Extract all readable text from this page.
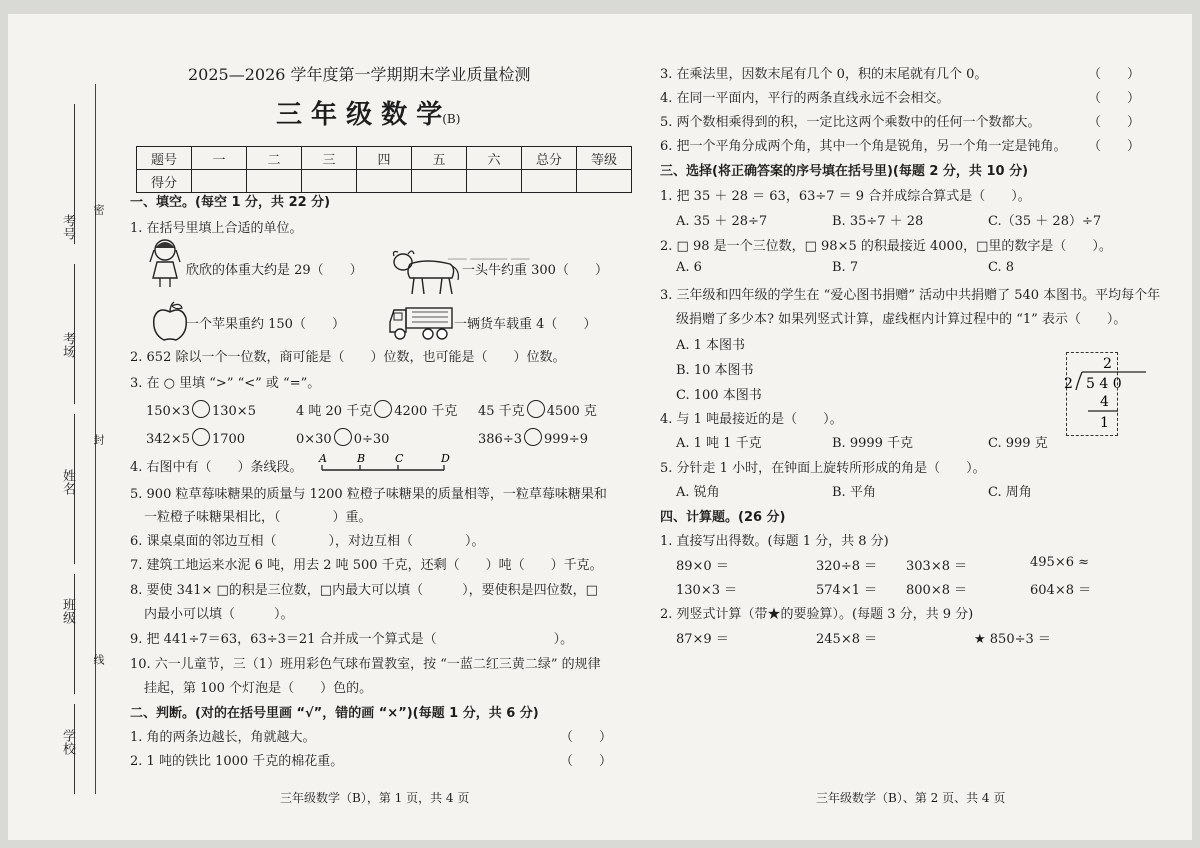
考号
密
考场
姓名
封
班级
线
学校
▁▁ ▁▁▁▁ ▁▁
2025—2026 学年度第一学期期末学业质量检测
三 年 级 数 学(B)
题号	一	二	三	四	五	六	总分	等级
得分								
一、填空。(每空 1 分，共 22 分)
1. 在括号里填上合适的单位。
欣欣的体重大约是 29（　　）	一头牛约重 300（　　）
一个苹果重约 150（　　）	一辆货车载重 4（　　）
2. 652 除以一个一位数，商可能是（　　）位数，也可能是（　　）位数。
3. 在 ○ 里填 “>” “<” 或 “=”。
150×3 130×5	4 吨 20 千克 4200 千克 45 千克 4500 克
342×5 1700	0×30 0÷30	386÷3 999÷9
4. 右图中有（　　）条线段。
A	B	C	D
5. 900 粒草莓味糖果的质量与 1200 粒橙子味糖果的质量相等，一粒草莓味糖果和
一粒橙子味糖果相比，（　　　　）重。
6. 课桌桌面的邻边互相（　　　　），对边互相（　　　　）。
7. 建筑工地运来水泥 6 吨，用去 2 吨 500 千克，还剩（　　）吨（　　）千克。
8. 要使 341× □的积是三位数，□内最大可以填（　　　），要使积是四位数，□
内最小可以填（　　　）。
9. 把 441÷7＝63，63÷3＝21 合并成一个算式是（　　　　　　　　　）。
10. 六一儿童节，三（1）班用彩色气球布置教室，按 “一蓝二红三黄二绿” 的规律
挂起，第 100 个灯泡是（　　）色的。
二、判断。(对的在括号里画 “√”，错的画 “×”)(每题 1 分，共 6 分)
1. 角的两条边越长，角就越大。	（　　）
2. 1 吨的铁比 1000 千克的棉花重。	（　　）
三年级数学（B），第 1 页，共 4 页
3. 在乘法里，因数末尾有几个 0，积的末尾就有几个 0。	（　　）
4. 在同一平面内，平行的两条直线永远不会相交。	（　　）
5. 两个数相乘得到的积，一定比这两个乘数中的任何一个数都大。	（　　）
6. 把一个平角分成两个角，其中一个角是锐角，另一个角一定是钝角。 （　　）
三、选择(将正确答案的序号填在括号里)(每题 2 分，共 10 分)
1. 把 35 ＋ 28 ＝ 63，63÷7 ＝ 9 合并成综合算式是（　　）。
A. 35 ＋ 28÷7	B. 35÷7 ＋ 28	C.（35 ＋ 28）÷7
2. □ 98 是一个三位数，□ 98×5 的积最接近 4000，□里的数字是（　　）。
A. 6	B. 7	C. 8
3. 三年级和四年级的学生在 “爱心图书捐赠” 活动中共捐赠了 540 本图书。平均每个年
级捐赠了多少本? 如果列竖式计算，虚线框内计算过程中的 “1” 表示（　　）。
A. 1 本图书
B. 10 本图书
C. 100 本图书
2
2 5 4 0
4
1
4. 与 1 吨最接近的是（　　）。
A. 1 吨 1 千克	B. 9999 千克	C. 999 克
5. 分针走 1 小时，在钟面上旋转所形成的角是（　　）。
A. 锐角	B. 平角	C. 周角
四、计算题。(26 分)
1. 直接写出得数。(每题 1 分，共 8 分)
89×0 ＝	320÷8 ＝ 303×8 ＝	495×6 ≈
130×3 ＝	574×1 ＝ 800×8 ＝	604×8 ＝
2. 列竖式计算（带★的要验算）。(每题 3 分，共 9 分)
87×9 ＝	245×8 ＝	★ 850÷3 ＝
三年级数学（B）、第 2 页、共 4 页
